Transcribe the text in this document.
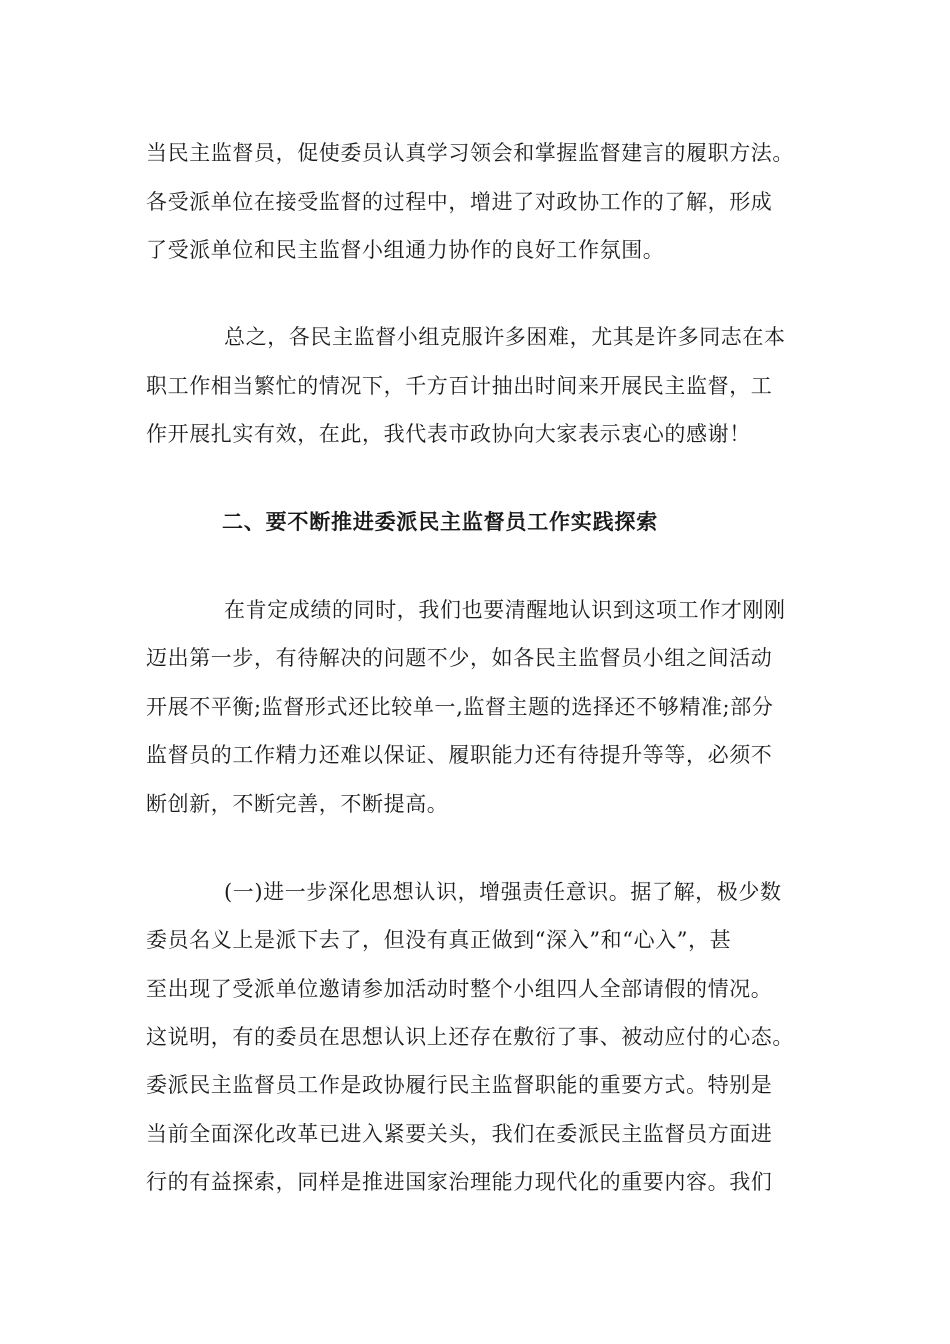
当民主监督员，促使委员认真学习领会和掌握监督建言的履职方法。
各受派单位在接受监督的过程中，增进了对政协工作的了解，形成
了受派单位和民主监督小组通力协作的良好工作氛围。
总之，各民主监督小组克服许多困难，尤其是许多同志在本
职工作相当繁忙的情况下，千方百计抽出时间来开展民主监督，工
作开展扎实有效，在此，我代表市政协向大家表示衷心的感谢！
二、要不断推进委派民主监督员工作实践探索
在肯定成绩的同时，我们也要清醒地认识到这项工作才刚刚
迈出第一步，有待解决的问题不少，如各民主监督员小组之间活动
开展不平衡;监督形式还比较单一,监督主题的选择还不够精准;部分
监督员的工作精力还难以保证、履职能力还有待提升等等，必须不
断创新，不断完善，不断提高。
(一)进一步深化思想认识，增强责任意识。据了解，极少数
委员名义上是派下去了，但没有真正做到“深入”和“心入”，甚
至出现了受派单位邀请参加活动时整个小组四人全部请假的情况。
这说明，有的委员在思想认识上还存在敷衍了事、被动应付的心态。
委派民主监督员工作是政协履行民主监督职能的重要方式。特别是
当前全面深化改革已进入紧要关头，我们在委派民主监督员方面进
行的有益探索，同样是推进国家治理能力现代化的重要内容。我们
